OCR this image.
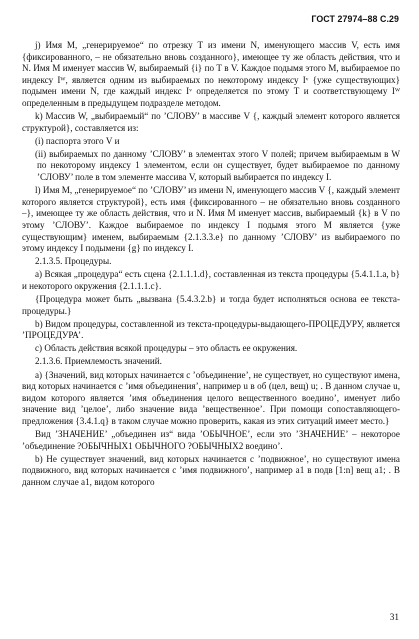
ГОСТ 27974–88 С.29

j) Имя M, „генерируемое“ по отрезку T из имени N, именующего массив V, есть имя {фиксированного, – не обязательно вновь созданного}, имеющее ту же область действия, что и N. Имя M именует массив W, выбираемый {i} по T в V. Каждое подымя этого M, выбираемое по индексу Iᵂ, является одним из выбираемых по некоторому индексу Iᵛ {уже существующих} подымен имени N, где каждый индекс Iᵛ определяется по этому T и соответствующему Iᵂ определенным в предыдущем подразделе методом.

k) Массив W, „выбираемый“ по ’СЛОВУ’ в массиве V {, каждый элемент которого является структурой}, составляется из:

(i) паспорта этого V и

(ii) выбираемых по данному ’СЛОВУ’ в элементах этого V полей; причем выбираемым в W по некоторому индексу 1 элементом, если он существует, будет выбираемое по данному ’СЛОВУ’ поле в том элементе массива V, который выбирается по индексу I.

l) Имя M, „генерируемое“ по ’СЛОВУ’ из имени N, именующего массив V {, каждый элемент которого является структурой}, есть имя {фиксированного – не обязательно вновь созданного –}, имеющее ту же область действия, что и N. Имя M именует массив, выбираемый {k} в V по этому ’СЛОВУ’. Каждое выбираемое по индексу I подымя этого M является {уже существующим} именем, выбираемым {2.1.3.3.e} по данному ’СЛОВУ’ из выбираемого по этому индексу I подымени {g} по индексу I.

2.1.3.5. Процедуры.

a) Всякая „процедура“ есть сцена {2.1.1.1.d}, составленная из текста процедуры {5.4.1.1.a, b} и некоторого окружения {2.1.1.1.c}.

{Процедура может быть „вызвана {5.4.3.2.b} и тогда будет исполняться основа ее текста-процедуры.}

b) Видом процедуры, составленной из текста-процедуры-выдающего-ПРОЦЕДУРУ, является ’ПРОЦЕДУРА’.

c) Область действия всякой процедуры – это область ее окружения.

2.1.3.6. Приемлемость значений.

a) {Значений, вид которых начинается с ’объединение’, не существует, но существуют имена, вид которых начинается с ’имя объединения’, например u в об (цел, вещ) u; . В данном случае u, видом которого является ’имя объединения целого вещественного воедино’, именует либо значение вид ’целое’, либо значение вида ’вещественное’. При помощи сопоставляющего-предложения {3.4.1.q} в таком случае можно проверить, какая из этих ситуаций имеет место.}

Вид ’ЗНАЧЕНИЕ’ „объединен из“ вида ’ОБЫЧНОЕ’, если это ’ЗНАЧЕНИЕ’ – некоторое ’объединение ?ОБЫЧНЫХ1 ОБЫЧНОГО ?ОБЫЧНЫХ2 воедино’.

b) Не существует значений, вид которых начинается с ’подвижное’, но существуют имена подвижного, вид которых начинается с ’имя подвижного’, например a1 в подв [1:n] вещ a1; . В данном случае a1, видом которого

31
